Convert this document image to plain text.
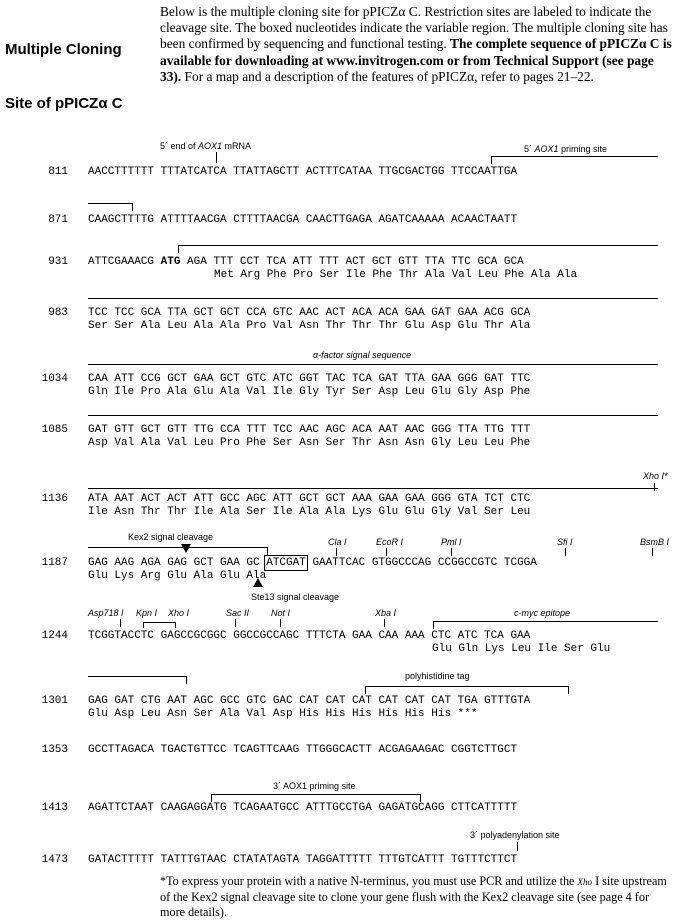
Multiple Cloning

Site of pPICZα C

Below is the multiple cloning site for pPICZα C. Restriction sites are labeled to indicate the cleavage site. The boxed nucleotides indicate the variable region. The multiple cloning site has been confirmed by sequencing and functional testing. The complete sequence of pPICZα C is available for downloading at www.invitrogen.com or from Technical Support (see page 33). For a map and a description of the features of pPICZα, refer to pages 21–22.
5´ end of AOX1 mRNA	5´ AOX1 priming site
811 AACCTTTTTT TTTATCATCA TTATTAGCTT ACTTTCATAA TTGCGACTGG TTCCAATTGA
871 CAAGCTTTTG ATTTTAACGA CTTTTAACGA CAACTTGAGA AGATCAAAAA ACAACTAATT
931 ATTCGAAACG ATG AGA TTT CCT TCA ATT TTT ACT GCT GTT TTA TTC GCA GCA
Met Arg Phe Pro Ser Ile Phe Thr Ala Val Leu Phe Ala Ala
983 TCC TCC GCA TTA GCT GCT CCA GTC AAC ACT ACA ACA GAA GAT GAA ACG GCA
Ser Ser Ala Leu Ala Ala Pro Val Asn Thr Thr Thr Glu Asp Glu Thr Ala
α-factor signal sequence
1034 CAA ATT CCG GCT GAA GCT GTC ATC GGT TAC TCA GAT TTA GAA GGG GAT TTC
Gln Ile Pro Ala Glu Ala Val Ile Gly Tyr Ser Asp Leu Glu Gly Asp Phe
1085 GAT GTT GCT GTT TTG CCA TTT TCC AAC AGC ACA AAT AAC GGG TTA TTG TTT
Asp Val Ala Val Leu Pro Phe Ser Asn Ser Thr Asn Asn Gly Leu Leu Phe
Xho I*
1136 ATA AAT ACT ACT ATT GCC AGC ATT GCT GCT AAA GAA GAA GGG GTA TCT CTC
Ile Asn Thr Thr Ile Ala Ser Ile Ala Ala Lys Glu Glu Gly Val Ser Leu
Kex2 signal cleavage	Cla I	EcoR I	Pml I	Sfi I	BsmB I
1187 GAG AAG AGA GAG GCT GAA GC ATCGAT GAATTCAC GTGGCCCAG CCGGCCGTC TCGGA
Glu Lys Arg Glu Ala Glu Ala
Ste13 signal cleavage
Asp718 I Kpn I Xho I	Sac II Not I	Xba I	c-myc epitope
1244 TCGGTACCTC GAGCCGCGGC GGCCGCCAGC TTTCTA GAA CAA AAA CTC ATC TCA GAA
Glu Gln Lys Leu Ile Ser Glu
polyhistidine tag
1301 GAG GAT CTG AAT AGC GCC GTC GAC CAT CAT CAT CAT CAT CAT TGA GTTTGTA
Glu Asp Leu Asn Ser Ala Val Asp His His His His His His ***
1353 GCCTTAGACA TGACTGTTCC TCAGTTCAAG TTGGGCACTT ACGAGAAGAC CGGTCTTGCT
3´ AOX1 priming site
1413 AGATTCTAAT CAAGAGGATG TCAGAATGCC ATTTGCCTGA GAGATGCAGG CTTCATTTTT
3´ polyadenylation site
1473 GATACTTTTT TATTTGTAAC CTATATAGTA TAGGATTTTT TTTGTCATTT TGTTTCTTCT
*To express your protein with a native N-terminus, you must use PCR and utilize the Xho I site upstream of the Kex2 signal cleavage site to clone your gene flush with the Kex2 cleavage site (see page 4 for more details).
